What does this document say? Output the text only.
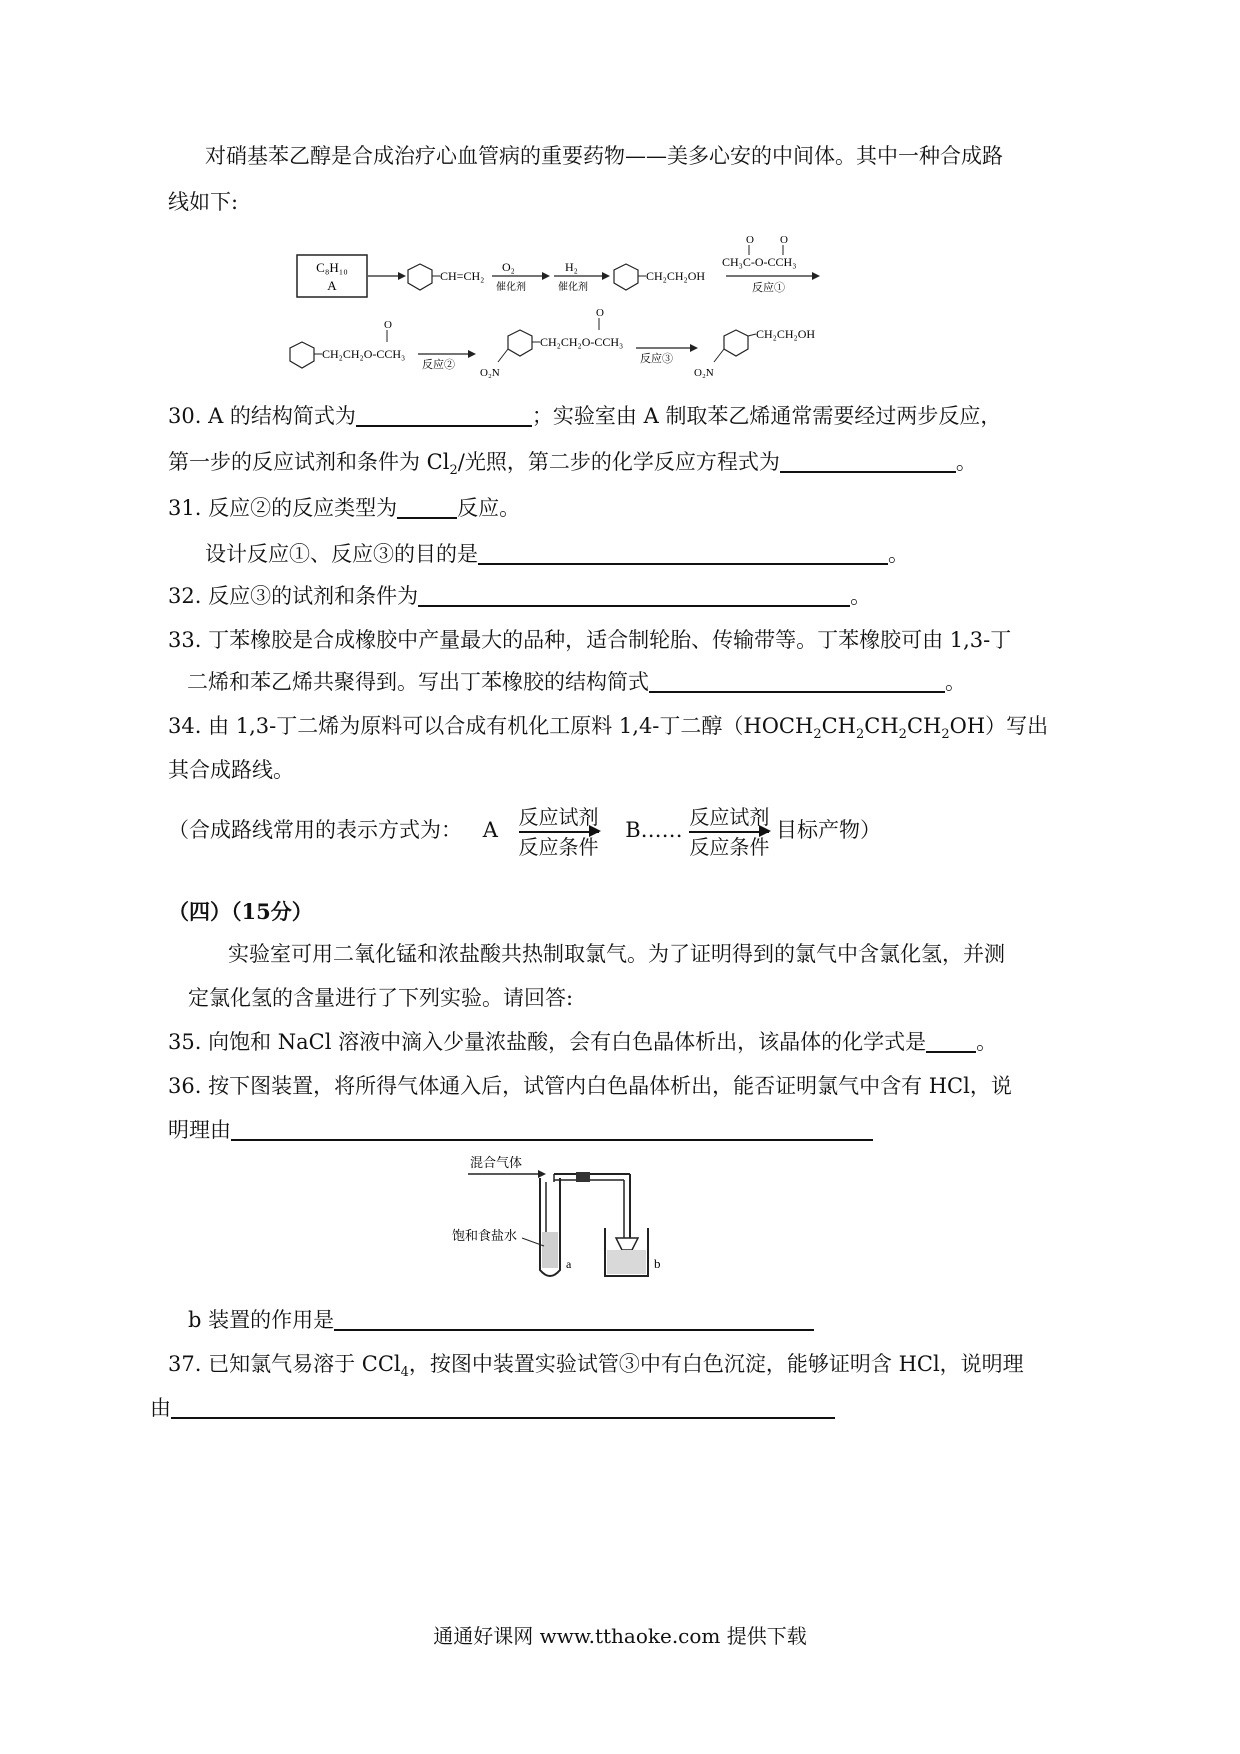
对硝基苯乙醇是合成治疗心血管病的重要药物——美多心安的中间体。其中一种合成路
线如下:
C₈H₁₀
A
CH=CH₂
O₂
催化剂
H₂
催化剂
CH₂CH₂OH
O O
CH₃C-O-CCH₃
反应①
CH₂CH₂O-CCH₃
O
反应②
O₂N
CH₂CH₂O-CCH₃
O
反应③
O₂N
CH₂CH₂OH
30. A 的结构简式为	；实验室由 A 制取苯乙烯通常需要经过两步反应，
第一步的反应试剂和条件为 $Cl_2/$光照，第二步的化学反应方程式为	。
31. 反应②的反应类型为	反应。
设计反应①、反应③的目的是	。
32. 反应③的试剂和条件为	。
33. 丁苯橡胶是合成橡胶中产量最大的品种，适合制轮胎、传输带等。丁苯橡胶可由 1,3-丁
二烯和苯乙烯共聚得到。写出丁苯橡胶的结构简式	。
34. 由 1,3-丁二烯为原料可以合成有机化工原料 1,4-丁二醇$(HOCH_2CH_2CH_2CH_2OH)$写出
其合成路线。
（合成路线常用的表示方式为： A $\frac{\text{反应试剂}}{\text{反应条件}}$ B…… $\frac{\text{反应试剂}}{\text{反应条件}}$ 目标产物）
（四）（15分）
实验室可用二氧化锰和浓盐酸共热制取氯气。为了证明得到的氯气中含氯化氢，并测
定氯化氢的含量进行了下列实验。请回答:
35. 向饱和 NaCl 溶液中滴入少量浓盐酸，会有白色晶体析出，该晶体的化学式是 。
36. 按下图装置，将所得气体通入后，试管内白色晶体析出，能否证明氯气中含有 HCl，说
明理由
混合气体
饱和食盐水
a	b
b 装置的作用是
37. 已知氯气易溶于 CCl$_4$，按图中装置实验试管③中有白色沉淀，能够证明含 HCl，说明理
由
通通好课网 www.tthaoke.com 提供下载
